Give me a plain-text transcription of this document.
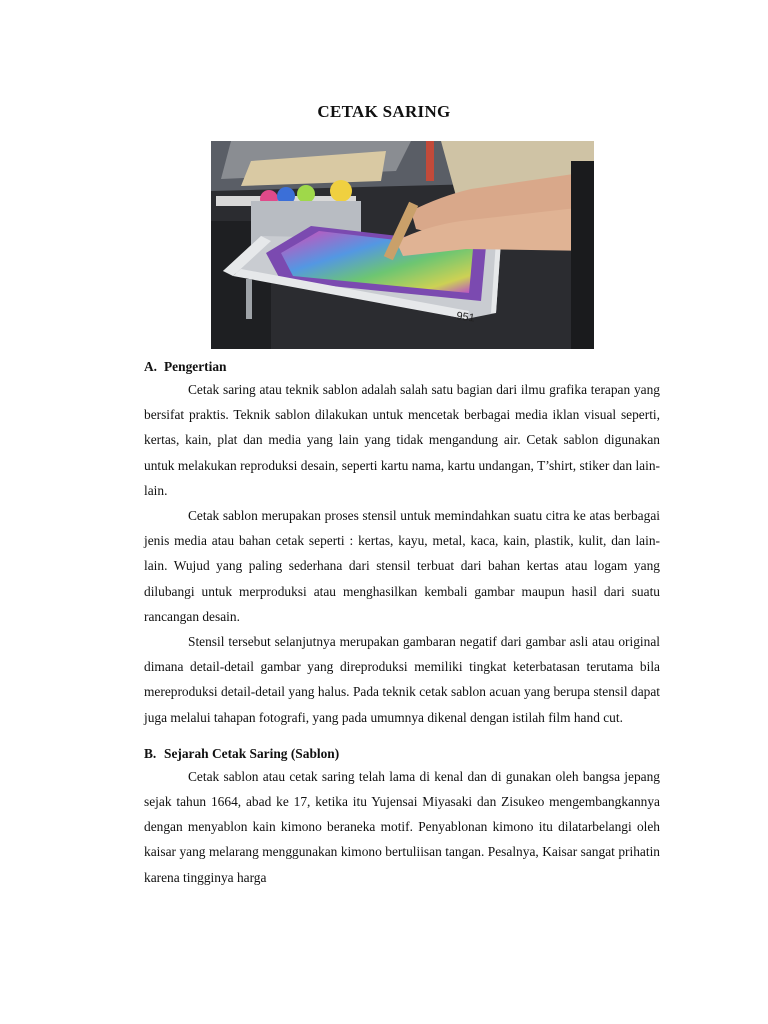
CETAK SARING
951
A. Pengertian

Cetak saring atau teknik sablon adalah salah satu bagian dari ilmu grafika terapan yang bersifat praktis. Teknik sablon dilakukan untuk mencetak berbagai media iklan visual seperti, kertas, kain, plat dan media yang lain yang tidak mengandung air. Cetak sablon digunakan untuk melakukan reproduksi desain, seperti kartu nama, kartu undangan, T’shirt, stiker dan lain-lain.

Cetak sablon merupakan proses stensil untuk memindahkan suatu citra ke atas berbagai jenis media atau bahan cetak seperti : kertas, kayu, metal, kaca, kain, plastik, kulit, dan lain-lain. Wujud yang paling sederhana dari stensil terbuat dari bahan kertas atau logam yang dilubangi untuk merproduksi atau menghasilkan kembali gambar maupun hasil dari suatu rancangan desain.

Stensil tersebut selanjutnya merupakan gambaran negatif dari gambar asli atau original dimana detail-detail gambar yang direproduksi memiliki tingkat keterbatasan terutama bila mereproduksi detail-detail yang halus. Pada teknik cetak sablon acuan yang berupa stensil dapat juga melalui tahapan fotografi, yang pada umumnya dikenal dengan istilah film hand cut.

B. Sejarah Cetak Saring (Sablon)

Cetak sablon atau cetak saring telah lama di kenal dan di gunakan oleh bangsa jepang sejak tahun 1664, abad ke 17, ketika itu Yujensai Miyasaki dan Zisukeo mengembangkannya dengan menyablon kain kimono beraneka motif. Penyablonan kimono itu dilatarbelangi oleh kaisar yang melarang menggunakan kimono bertuliisan tangan. Pesalnya, Kaisar sangat prihatin karena tingginya harga
